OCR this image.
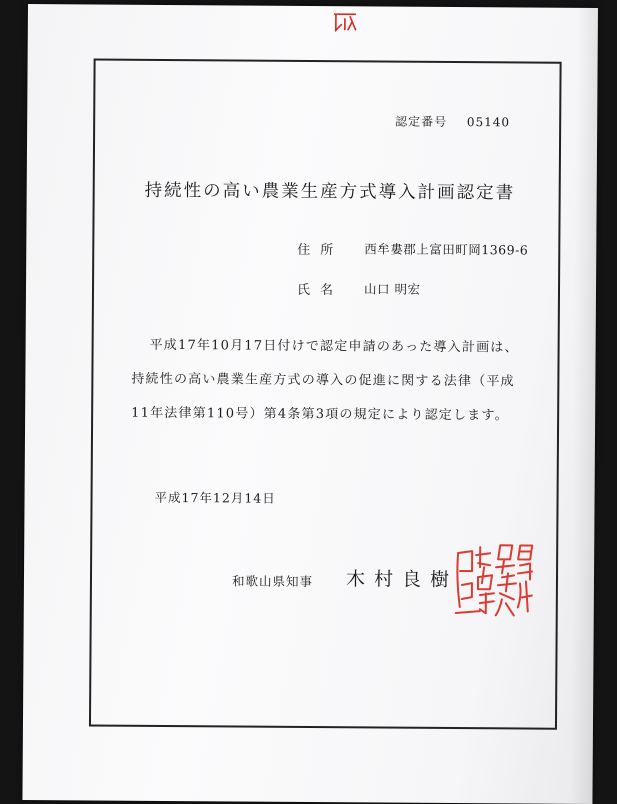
認定番号 05140
持続性の高い農業生産方式導入計画認定書
住所 西牟婁郡上富田町岡1369-6
氏名 山口 明宏
平成17年10月17日付けで認定申請のあった導入計画は、
持続性の高い農業生産方式の導入の促進に関する法律（平成
11年法律第110号）第4条第3項の規定により認定します。
平成17年12月14日
和歌山県知事 木村良樹
